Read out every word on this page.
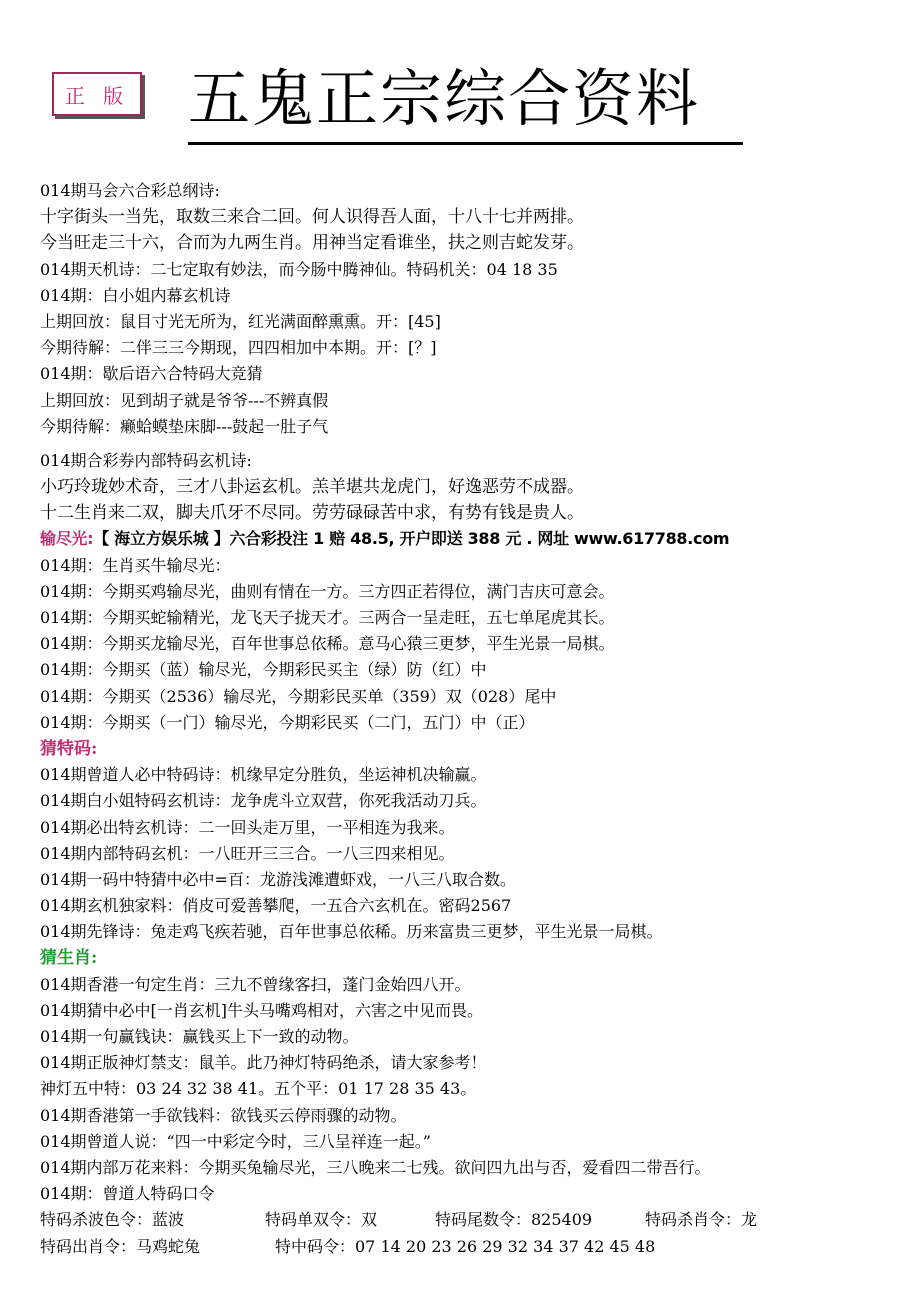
正 版 五鬼正宗综合资料
014期马会六合彩总纲诗:
十字街头一当先，取数三来合二回。何人识得吾人面，十八十七并两排。
今当旺走三十六，合而为九两生肖。用神当定看谁坐，扶之则吉蛇发芽。
014期天机诗：二七定取有妙法，而今肠中腾神仙。特码机关：04 18 35
014期：白小姐内幕玄机诗
上期回放：鼠目寸光无所为，红光满面醉熏熏。开：[45]
今期待解：二伴三三今期现，四四相加中本期。开：[？]
014期：歇后语六合特码大竞猜
上期回放：见到胡子就是爷爷---不辨真假
今期待解：癞蛤蟆垫床脚---鼓起一肚子气
014期合彩券内部特码玄机诗:
小巧玲珑妙术奇，三才八卦运玄机。羔羊堪共龙虎门，好逸恶劳不成器。
十二生肖来二双，脚夫爪牙不尽同。劳劳碌碌苦中求，有势有钱是贵人。
输尽光:【 海立方娱乐城 】六合彩投注 1 赔 48.5, 开户即送 388 元 . 网址 www.617788.com
014期：生肖买牛输尽光：
014期：今期买鸡输尽光，曲则有情在一方。三方四正若得位，满门吉庆可意会。
014期：今期买蛇输精光，龙飞天子拢天才。三两合一呈走旺，五七单尾虎其长。
014期：今期买龙输尽光，百年世事总依稀。意马心猿三更梦，平生光景一局棋。
014期：今期买（蓝）输尽光，今期彩民买主（绿）防（红）中
014期：今期买（2536）输尽光，今期彩民买单（359）双（028）尾中
014期：今期买（一门）输尽光，今期彩民买（二门，五门）中（正）
猜特码:
014期曾道人必中特码诗：机缘早定分胜负，坐运神机决输赢。
014期白小姐特码玄机诗：龙争虎斗立双营，你死我活动刀兵。
014期必出特玄机诗：二一回头走万里，一平相连为我来。
014期内部特码玄机：一八旺开三三合。一八三四来相见。
014期一码中特猜中必中=百：龙游浅滩遭虾戏，一八三八取合数。
014期玄机独家料：俏皮可爱善攀爬，一五合六玄机在。密码2567
014期先锋诗：兔走鸡飞疾若驰，百年世事总依稀。历来富贵三更梦，平生光景一局棋。
猜生肖:
014期香港一句定生肖：三九不曾缘客扫，蓬门金始四八开。
014期猜中必中[一肖玄机]牛头马嘴鸡相对，六害之中见而畏。
014期一句赢钱诀：赢钱买上下一致的动物。
014期正版神灯禁支：鼠羊。此乃神灯特码绝杀，请大家参考！
神灯五中特：03 24 32 38 41。五个平：01 17 28 35 43。
014期香港第一手欲钱料：欲钱买云停雨骤的动物。
014期曾道人说：“四一中彩定今时，三八呈祥连一起。”
014期内部万花来料：今期买兔输尽光，三八晚来二七残。欲问四九出与否，爱看四二带吾行。
014期：曾道人特码口令
特码杀波色令：蓝波	特码单双令：双	特码尾数令：825409	特码杀肖令：龙
特码出肖令：马鸡蛇兔	特中码令：07 14 20 23 26 29 32 34 37 42 45 48
